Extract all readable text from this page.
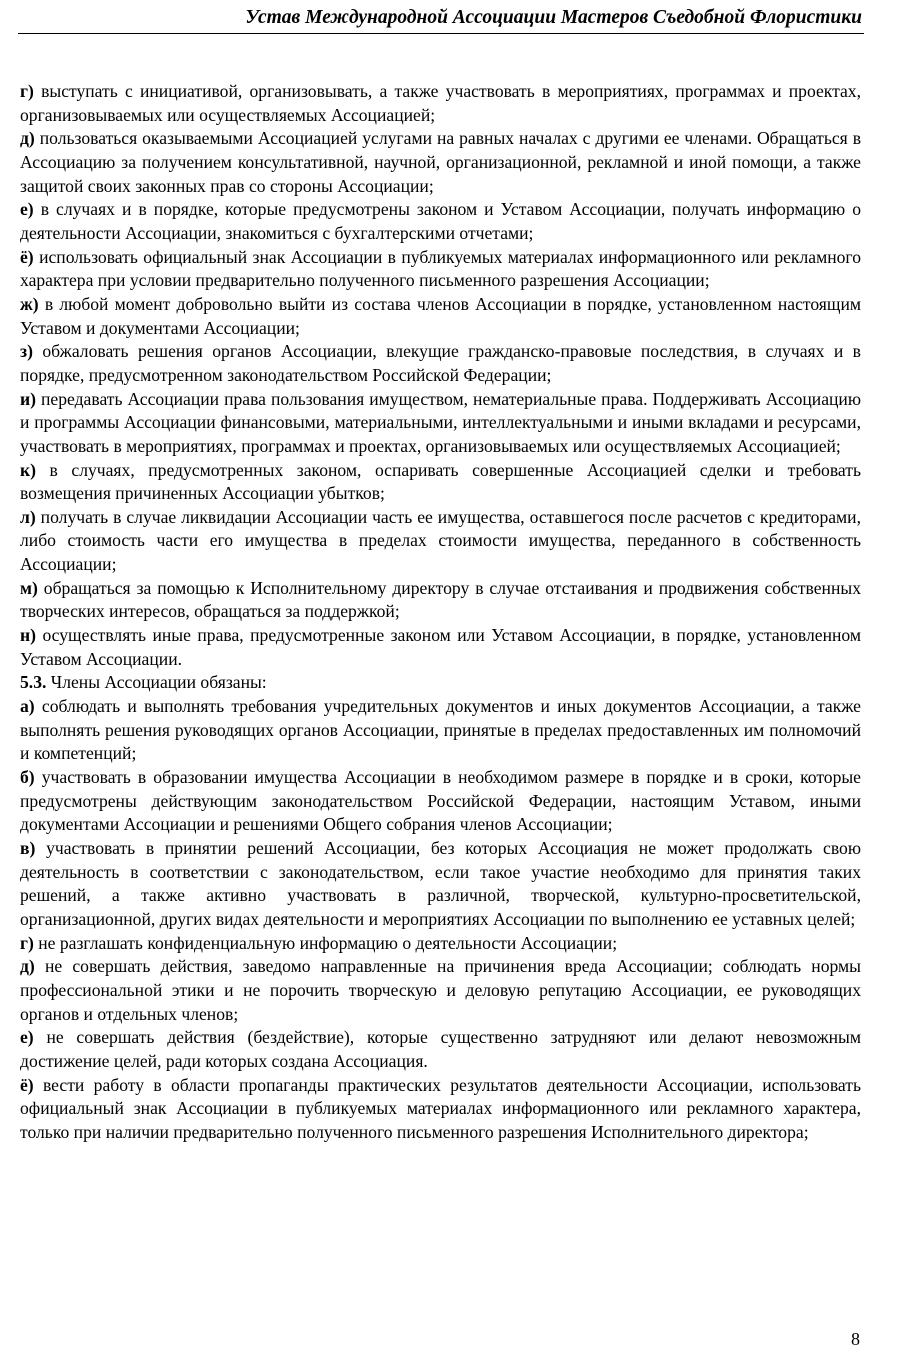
Устав Международной Ассоциации Мастеров Съедобной Флористики
г) выступать с инициативой, организовывать, а также участвовать в мероприятиях, программах и проектах, организовываемых или осуществляемых Ассоциацией;
д) пользоваться оказываемыми Ассоциацией услугами на равных началах с другими ее членами. Обращаться в Ассоциацию за получением консультативной, научной, организационной, рекламной и иной помощи, а также защитой своих законных прав со стороны Ассоциации;
е) в случаях и в порядке, которые предусмотрены законом и Уставом Ассоциации, получать информацию о деятельности Ассоциации, знакомиться с бухгалтерскими отчетами;
ё) использовать официальный знак Ассоциации в публикуемых материалах информационного или рекламного характера при условии предварительно полученного письменного разрешения Ассоциации;
ж) в любой момент добровольно выйти из состава членов Ассоциации в порядке, установленном настоящим Уставом и документами Ассоциации;
з) обжаловать решения органов Ассоциации, влекущие гражданско-правовые последствия, в случаях и в порядке, предусмотренном законодательством Российской Федерации;
и) передавать Ассоциации права пользования имуществом, нематериальные права. Поддерживать Ассоциацию и программы Ассоциации финансовыми, материальными, интеллектуальными и иными вкладами и ресурсами, участвовать в мероприятиях, программах и проектах, организовываемых или осуществляемых Ассоциацией;
к) в случаях, предусмотренных законом, оспаривать совершенные Ассоциацией сделки и требовать возмещения причиненных Ассоциации убытков;
л) получать в случае ликвидации Ассоциации часть ее имущества, оставшегося после расчетов с кредиторами, либо стоимость части его имущества в пределах стоимости имущества, переданного в собственность Ассоциации;
м) обращаться за помощью к Исполнительному директору в случае отстаивания и продвижения собственных творческих интересов, обращаться за поддержкой;
н) осуществлять иные права, предусмотренные законом или Уставом Ассоциации, в порядке, установленном Уставом Ассоциации.
5.3. Члены Ассоциации обязаны:
а) соблюдать и выполнять требования учредительных документов и иных документов Ассоциации, а также выполнять решения руководящих органов Ассоциации, принятые в пределах предоставленных им полномочий и компетенций;
б) участвовать в образовании имущества Ассоциации в необходимом размере в порядке и в сроки, которые предусмотрены действующим законодательством Российской Федерации, настоящим Уставом, иными документами Ассоциации и решениями Общего собрания членов Ассоциации;
в) участвовать в принятии решений Ассоциации, без которых Ассоциация не может продолжать свою деятельность в соответствии с законодательством, если такое участие необходимо для принятия таких решений, а также активно участвовать в различной, творческой, культурно-просветительской, организационной, других видах деятельности и мероприятиях Ассоциации по выполнению ее уставных целей;
г) не разглашать конфиденциальную информацию о деятельности Ассоциации;
д) не совершать действия, заведомо направленные на причинения вреда Ассоциации; соблюдать нормы профессиональной этики и не порочить творческую и деловую репутацию Ассоциации, ее руководящих органов и отдельных членов;
е) не совершать действия (бездействие), которые существенно затрудняют или делают невозможным достижение целей, ради которых создана Ассоциация.
ё) вести работу в области пропаганды практических результатов деятельности Ассоциации, использовать официальный знак Ассоциации в публикуемых материалах информационного или рекламного характера, только при наличии предварительно полученного письменного разрешения Исполнительного директора;
8
